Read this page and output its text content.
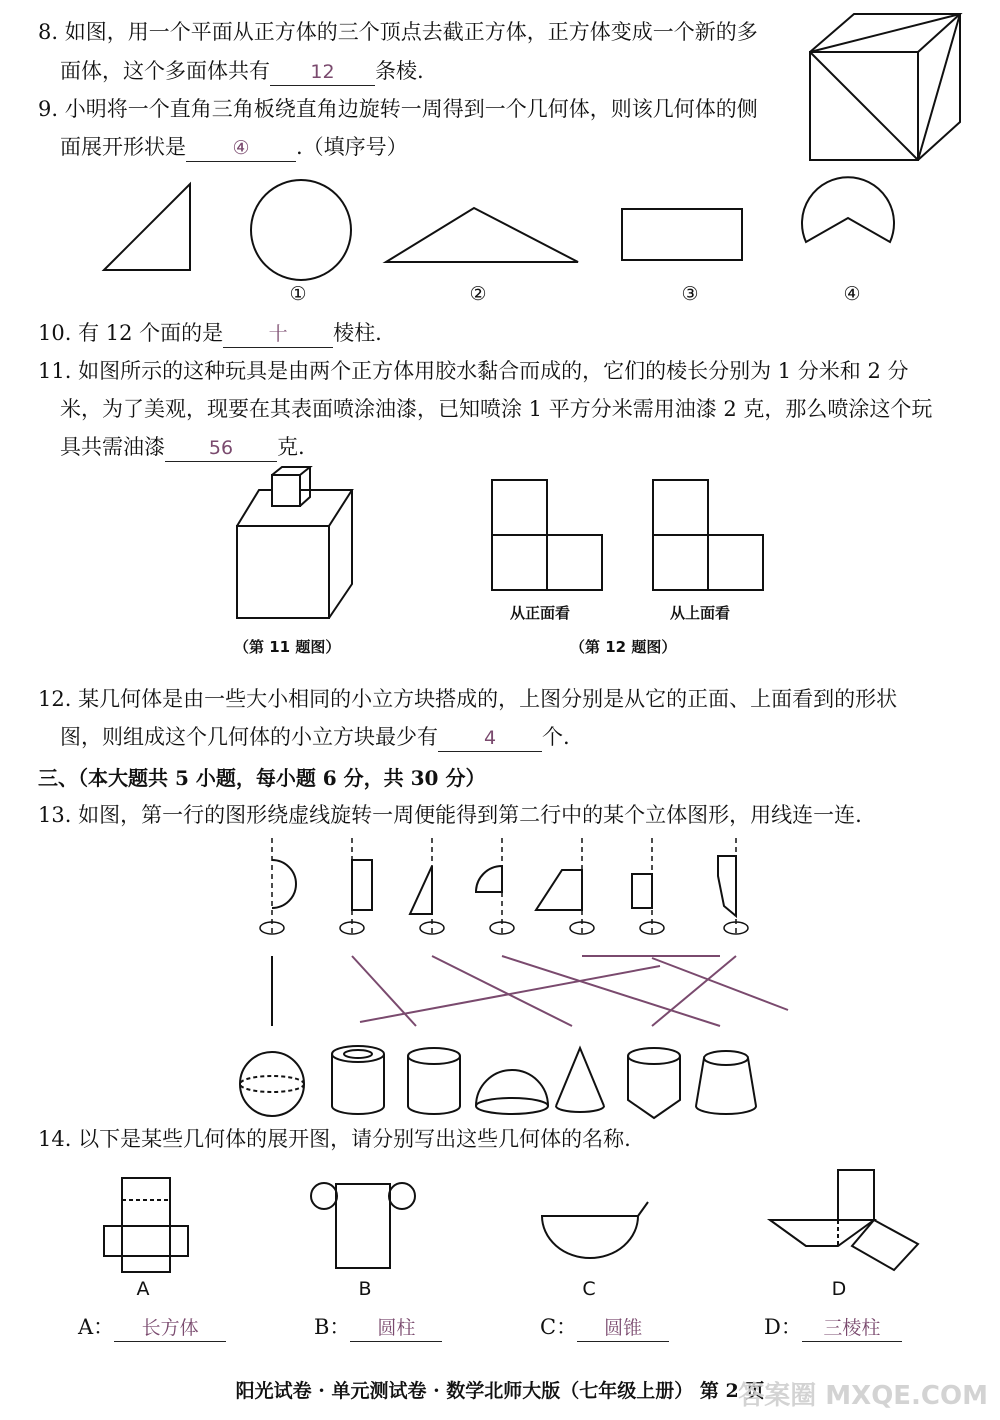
8. 如图，用一个平面从正方体的三个顶点去截正方体，正方体变成一个新的多
面体，这个多面体共有 12 条棱.
9. 小明将一个直角三角板绕直角边旋转一周得到一个几何体，则该几何体的侧
面展开形状是 ④ .（填序号）
①	②	③	④
10. 有 12 个面的是 十 棱柱.
11. 如图所示的这种玩具是由两个正方体用胶水黏合而成的，它们的棱长分别为 1 分米和 2 分
米，为了美观，现要在其表面喷涂油漆，已知喷涂 1 平方分米需用油漆 2 克，那么喷涂这个玩
具共需油漆 56 克.
（第 11 题图）
从正面看	从上面看
（第 12 题图）
12. 某几何体是由一些大小相同的小立方块搭成的，上图分别是从它的正面、上面看到的形状
图，则组成这个几何体的小立方块最少有 4 个.
三、（本大题共 5 小题，每小题 6 分，共 30 分）
13. 如图，第一行的图形绕虚线旋转一周便能得到第二行中的某个立体图形，用线连一连.
14. 以下是某些几何体的展开图，请分别写出这些几何体的名称.
A	B	C	D
A： 长方体	B： 圆柱	C： 圆锥	D： 三棱柱
阳光试卷 · 单元测试卷 · 数学北师大版（七年级上册） 第 2 页
答案圈 MXQE.COM
